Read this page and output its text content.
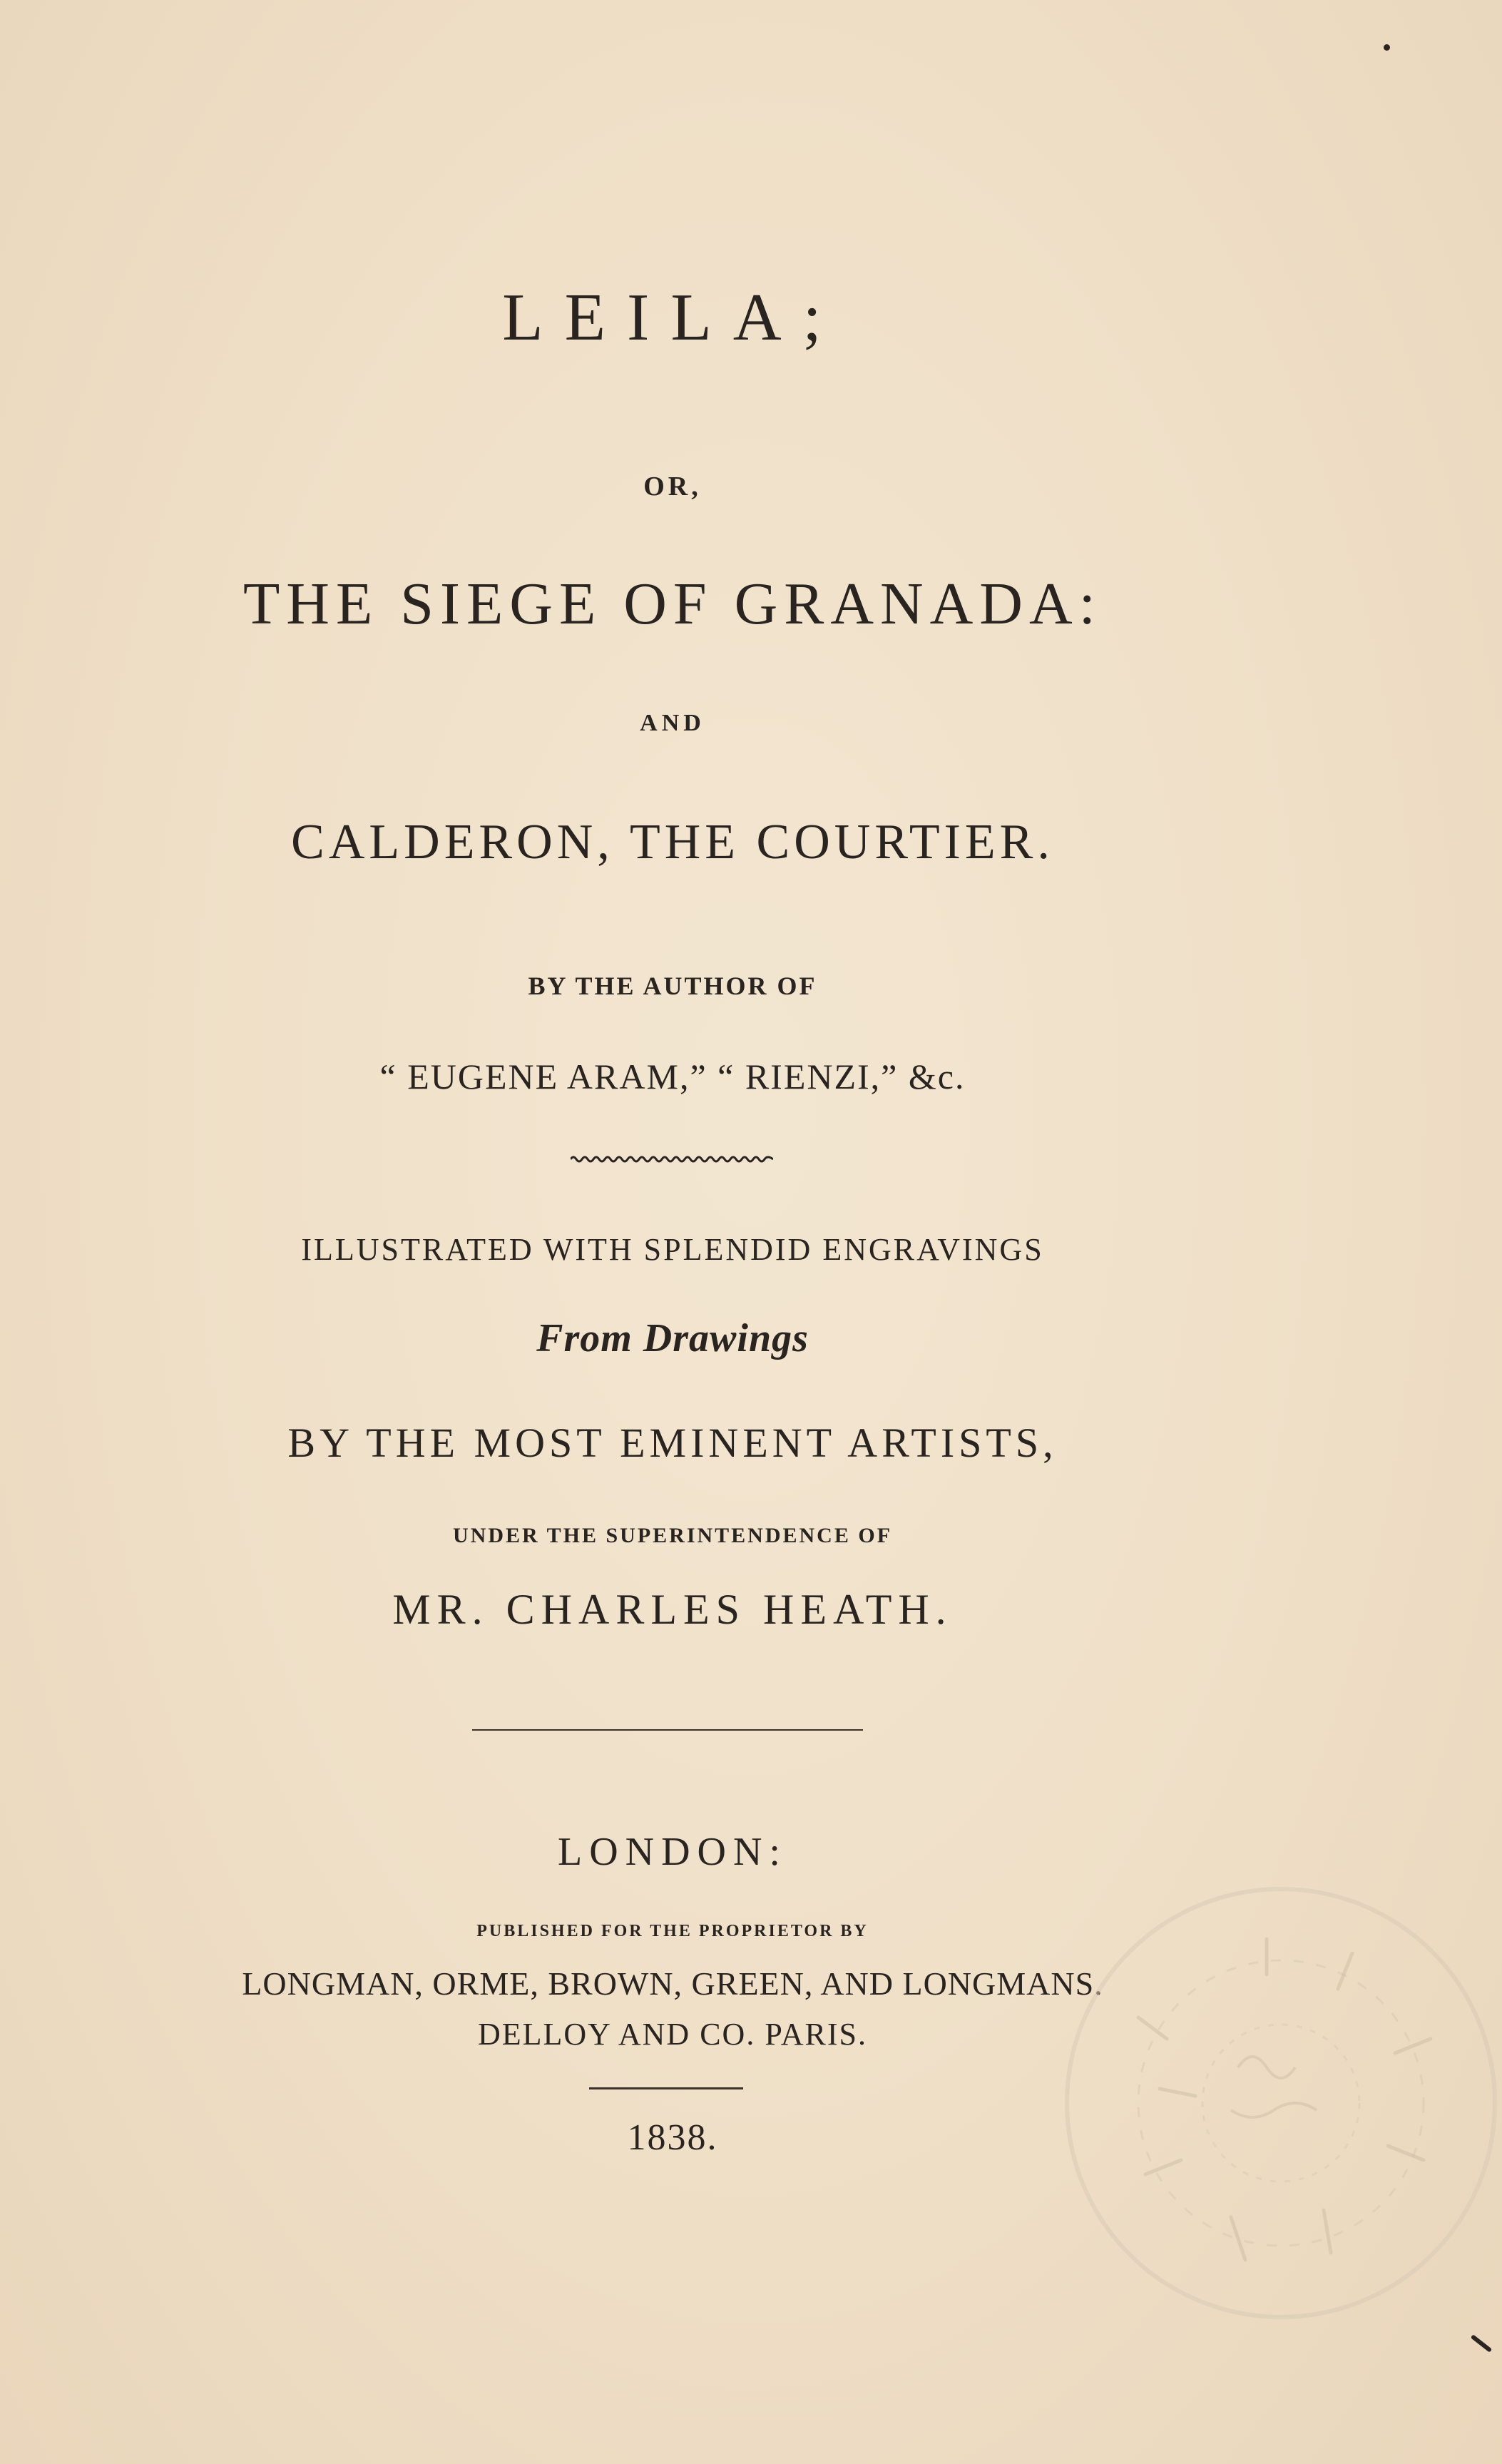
LEILA;
OR,
THE SIEGE OF GRANADA:
AND
CALDERON, THE COURTIER.
BY THE AUTHOR OF
“ EUGENE ARAM,” “ RIENZI,” &c.
ILLUSTRATED WITH SPLENDID ENGRAVINGS
From Drawings
BY THE MOST EMINENT ARTISTS,
UNDER THE SUPERINTENDENCE OF
MR. CHARLES HEATH.
LONDON:
PUBLISHED FOR THE PROPRIETOR BY
LONGMAN, ORME, BROWN, GREEN, AND LONGMANS.
DELLOY AND CO. PARIS.
1838.
